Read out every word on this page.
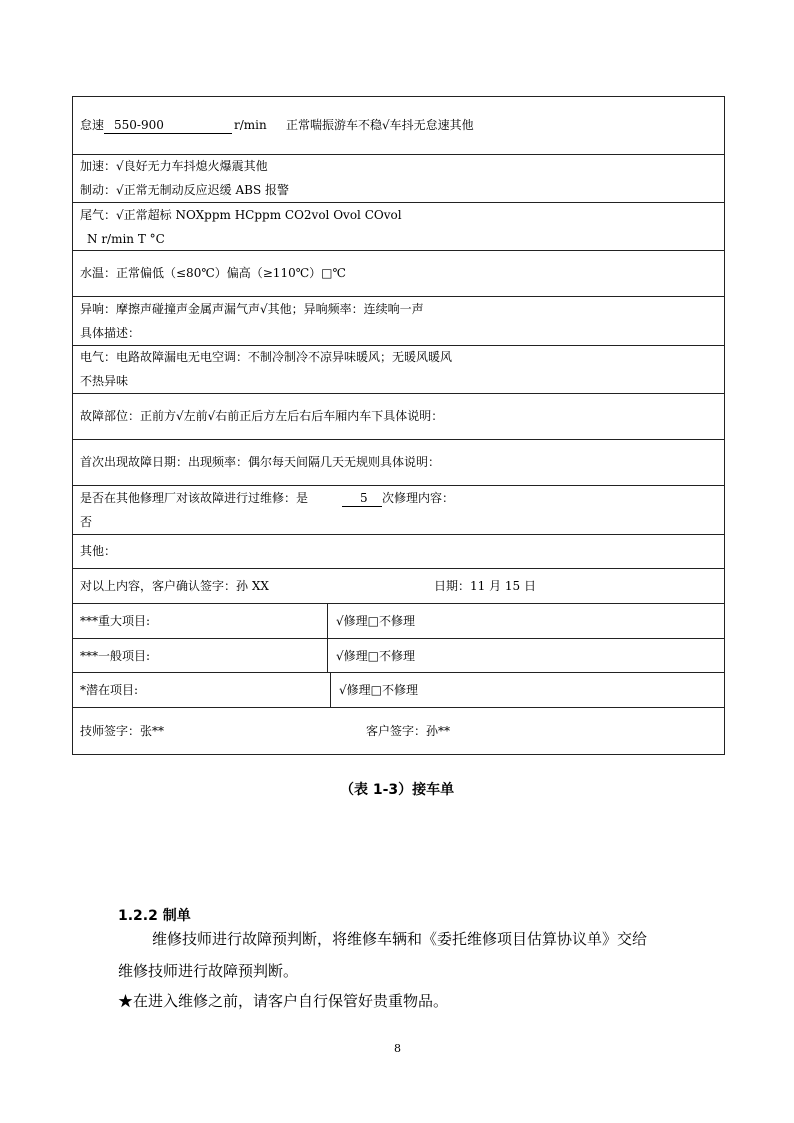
怠速 550-900	r/min 正常喘振游车不稳√车抖无怠速其他
加速：√良好无力车抖熄火爆震其他
制动：√正常无制动反应迟缓 ABS 报警
尾气：√正常超标 NOXppm HCppm CO2vol Ovol COvol
N r/min T °C
水温：正常偏低（≤80℃）偏高（≥110℃）□℃
异响：摩擦声碰撞声金属声漏气声√其他；异响频率：连续响一声
具体描述：
电气：电路故障漏电无电空调：不制冷制冷不凉异味暖风；无暖风暖风
不热异味
故障部位：正前方√左前√右前正后方左后右后车厢内车下具体说明：
首次出现故障日期：出现频率：偶尔每天间隔几天无规则具体说明：
是否在其他修理厂对该故障进行过维修：是	5 次修理内容：
否
其他：
对以上内容，客户确认签字：孙 XX	日期：11 月 15 日
***重大项目:	√修理□不修理
***一般项目:	√修理□不修理
*潜在项目:	√修理□不修理
技师签字：张**	客户签字：孙**
（表 1-3）接车单
1.2.2 制单
维修技师进行故障预判断，将维修车辆和《委托维修项目估算协议单》交给
维修技师进行故障预判断。
★在进入维修之前，请客户自行保管好贵重物品。
8
